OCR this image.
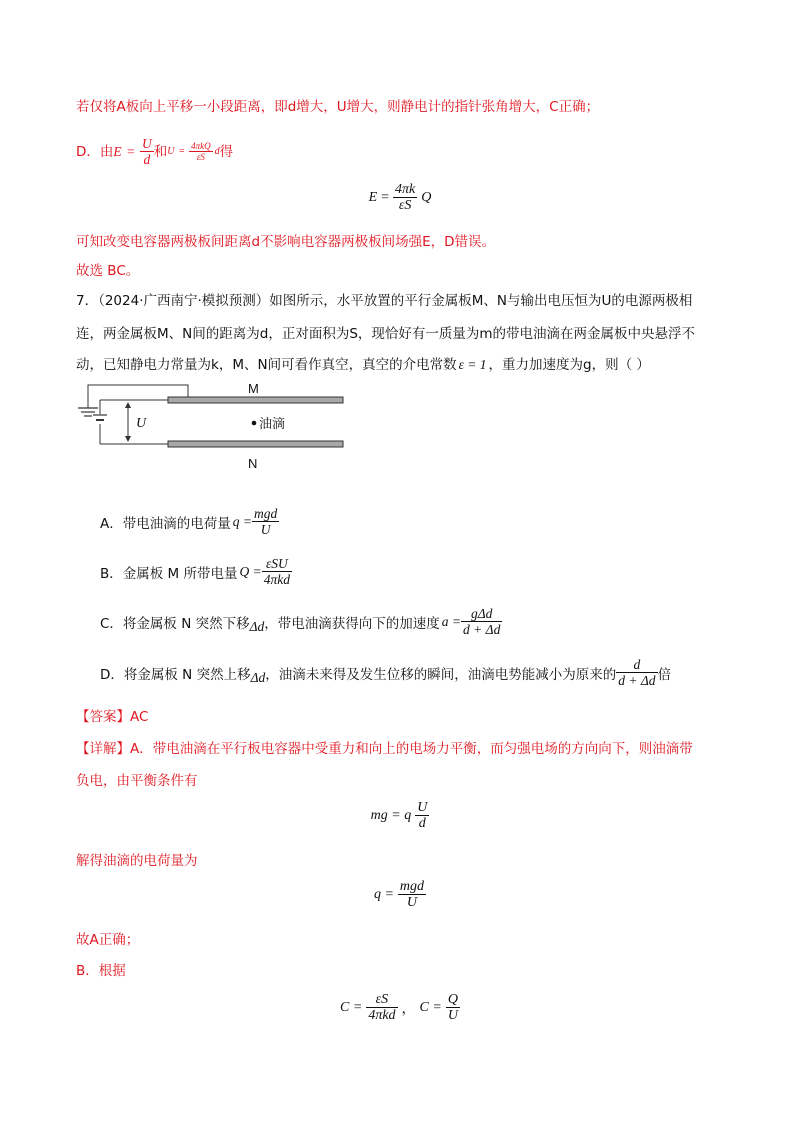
若仅将A板向上平移一小段距离，即d增大，U增大，则静电计的指针张角增大，C正确；
D．由 $E = \frac{U}{d}$ 和 $U = \frac{\text{4πkQ}}{\varepsilon S}$ d 得
$E = \frac{4\pi k}{\varepsilon S}$ Q
可知改变电容器两极板间距离d不影响电容器两极板间场强E，D错误。
故选 BC。
7．（2024·广西南宁·模拟预测）如图所示，水平放置的平行金属板M、N与输出电压恒为U的电源两极相
连，两金属板M、N间的距离为d，正对面积为S，现恰好有一质量为m的带电油滴在两金属板中央悬浮不
动，已知静电力常量为k，M、N间可看作真空，真空的介电常数 ε = 1 ，重力加速度为g，则（ ）
U
M
N
油滴
A．带电油滴的电荷量 $q = \frac{\text{mgd}}{U}$
B．金属板 M 所带电量 $Q = \frac{\text{εSU}}{\text{4πkd}}$
C．将金属板 N 突然下移 Δd ，带电油滴获得向下的加速度 $a = \frac{\text{gΔd}}{d + \Delta d}$
D．将金属板 N 突然上移 Δd ，油滴未来得及发生位移的瞬间，油滴电势能减小为原来的 $\frac{d}{d + \Delta d}$ 倍
【答案】AC
【详解】A．带电油滴在平行板电容器中受重力和向上的电场力平衡，而匀强电场的方向向下，则油滴带
负电，由平衡条件有
mg = q $\frac{U}{d}$
解得油滴的电荷量为
$q = \frac{\text{mgd}}{U}$
故A正确；
B．根据
$C = \frac{\varepsilon S}{\text{4πkd}}$ ， $C = \frac{Q}{U}$
